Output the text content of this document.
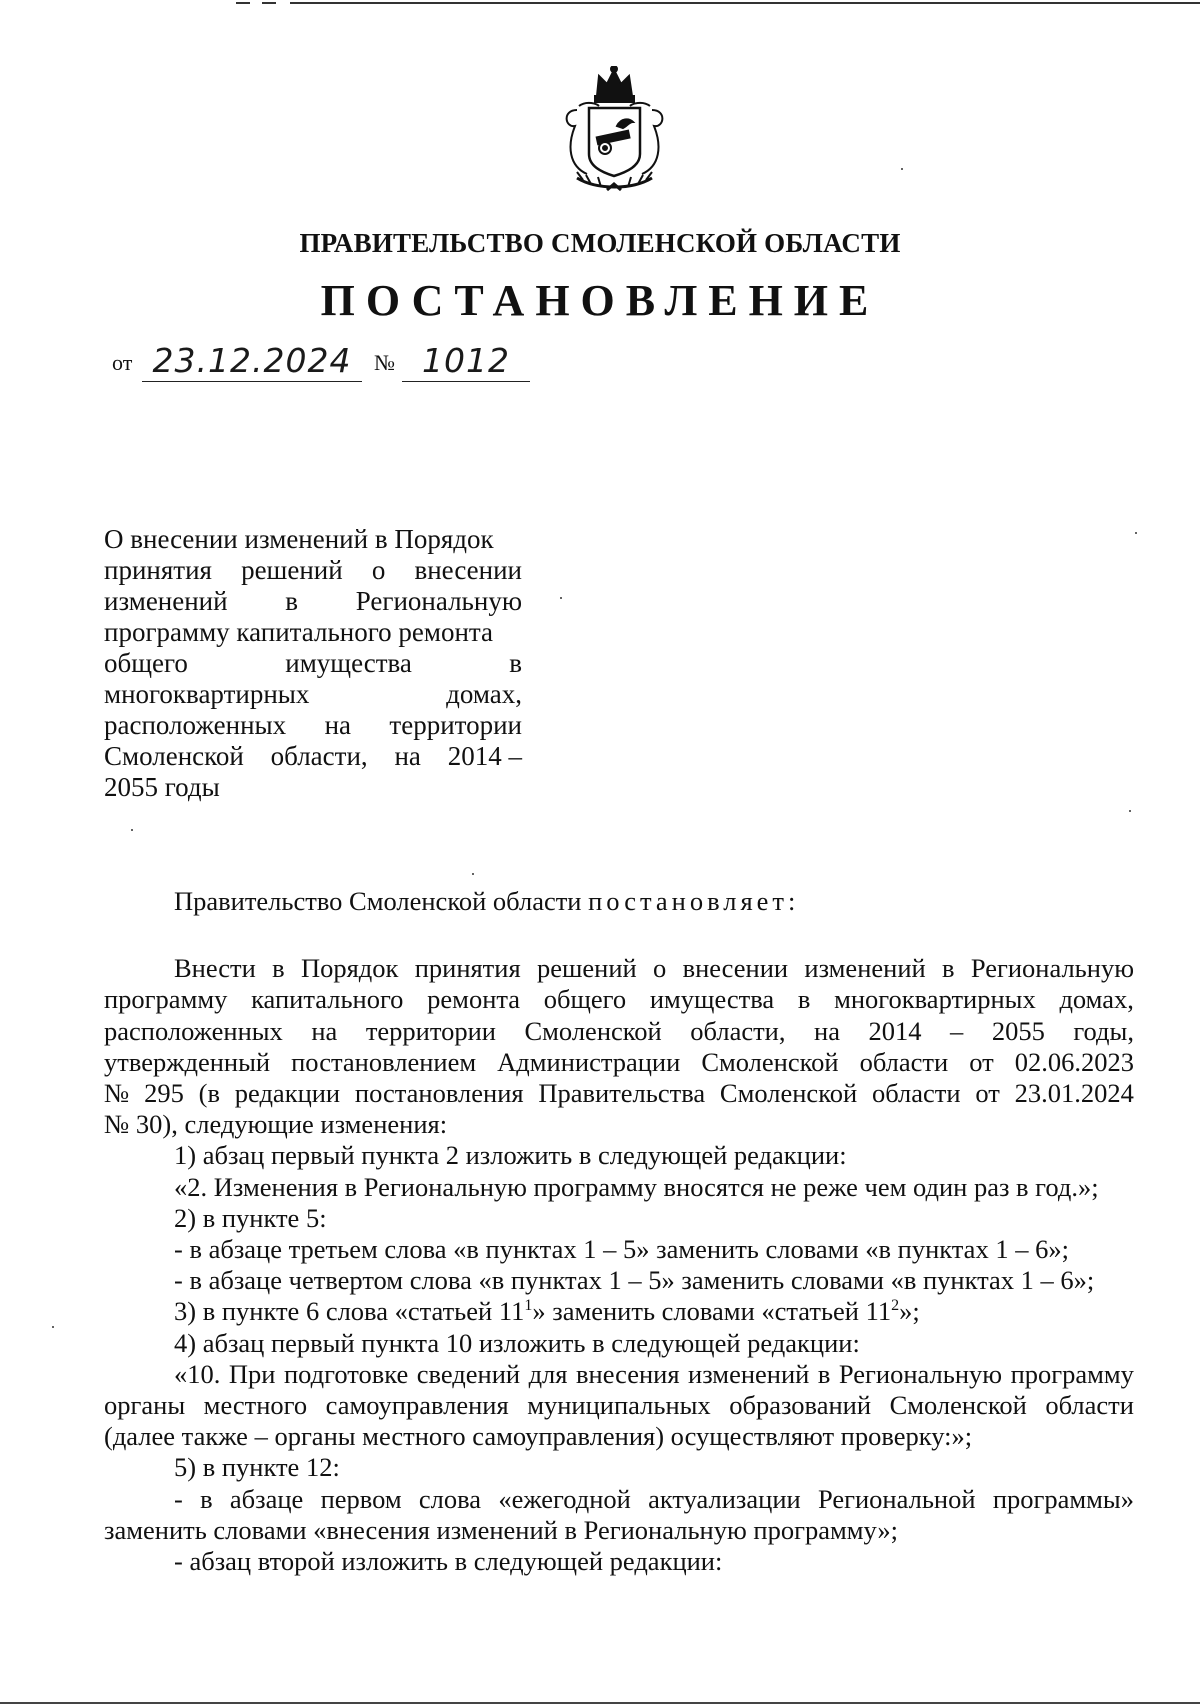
ПРАВИТЕЛЬСТВО СМОЛЕНСКОЙ ОБЛАСТИ
ПОСТАНОВЛЕНИЕ
от 23.12.2024	№ 1012
О внесении изменений в Порядок
принятия решений о внесении
изменений в Региональную
программу капитального ремонта
общего	имущества	в
многоквартирных	домах,
расположенных на территории
Смоленской области, на 2014 –
2055 годы
Правительство Смоленской области постановляет:
Внести в Порядок принятия решений о внесении изменений в Региональную
программу капитального ремонта общего имущества в многоквартирных домах,
расположенных на территории Смоленской области, на 2014 – 2055 годы,
утвержденный постановлением Администрации Смоленской области от 02.06.2023
№ 295 (в редакции постановления Правительства Смоленской области от 23.01.2024
№ 30), следующие изменения:
1) абзац первый пункта 2 изложить в следующей редакции:
«2. Изменения в Региональную программу вносятся не реже чем один раз в год.»;
2) в пункте 5:
- в абзаце третьем слова «в пунктах 1 – 5» заменить словами «в пунктах 1 – 6»;
- в абзаце четвертом слова «в пунктах 1 – 5» заменить словами «в пунктах 1 – 6»;
3) в пункте 6 слова «статьей $11^1$» заменить словами «статьей $11^2$»;
4) абзац первый пункта 10 изложить в следующей редакции:
«10. При подготовке сведений для внесения изменений в Региональную программу
органы местного самоуправления муниципальных образований Смоленской области
(далее также – органы местного самоуправления) осуществляют проверку:»;
5) в пункте 12:
- в абзаце первом слова «ежегодной актуализации Региональной программы»
заменить словами «внесения изменений в Региональную программу»;
- абзац второй изложить в следующей редакции:
